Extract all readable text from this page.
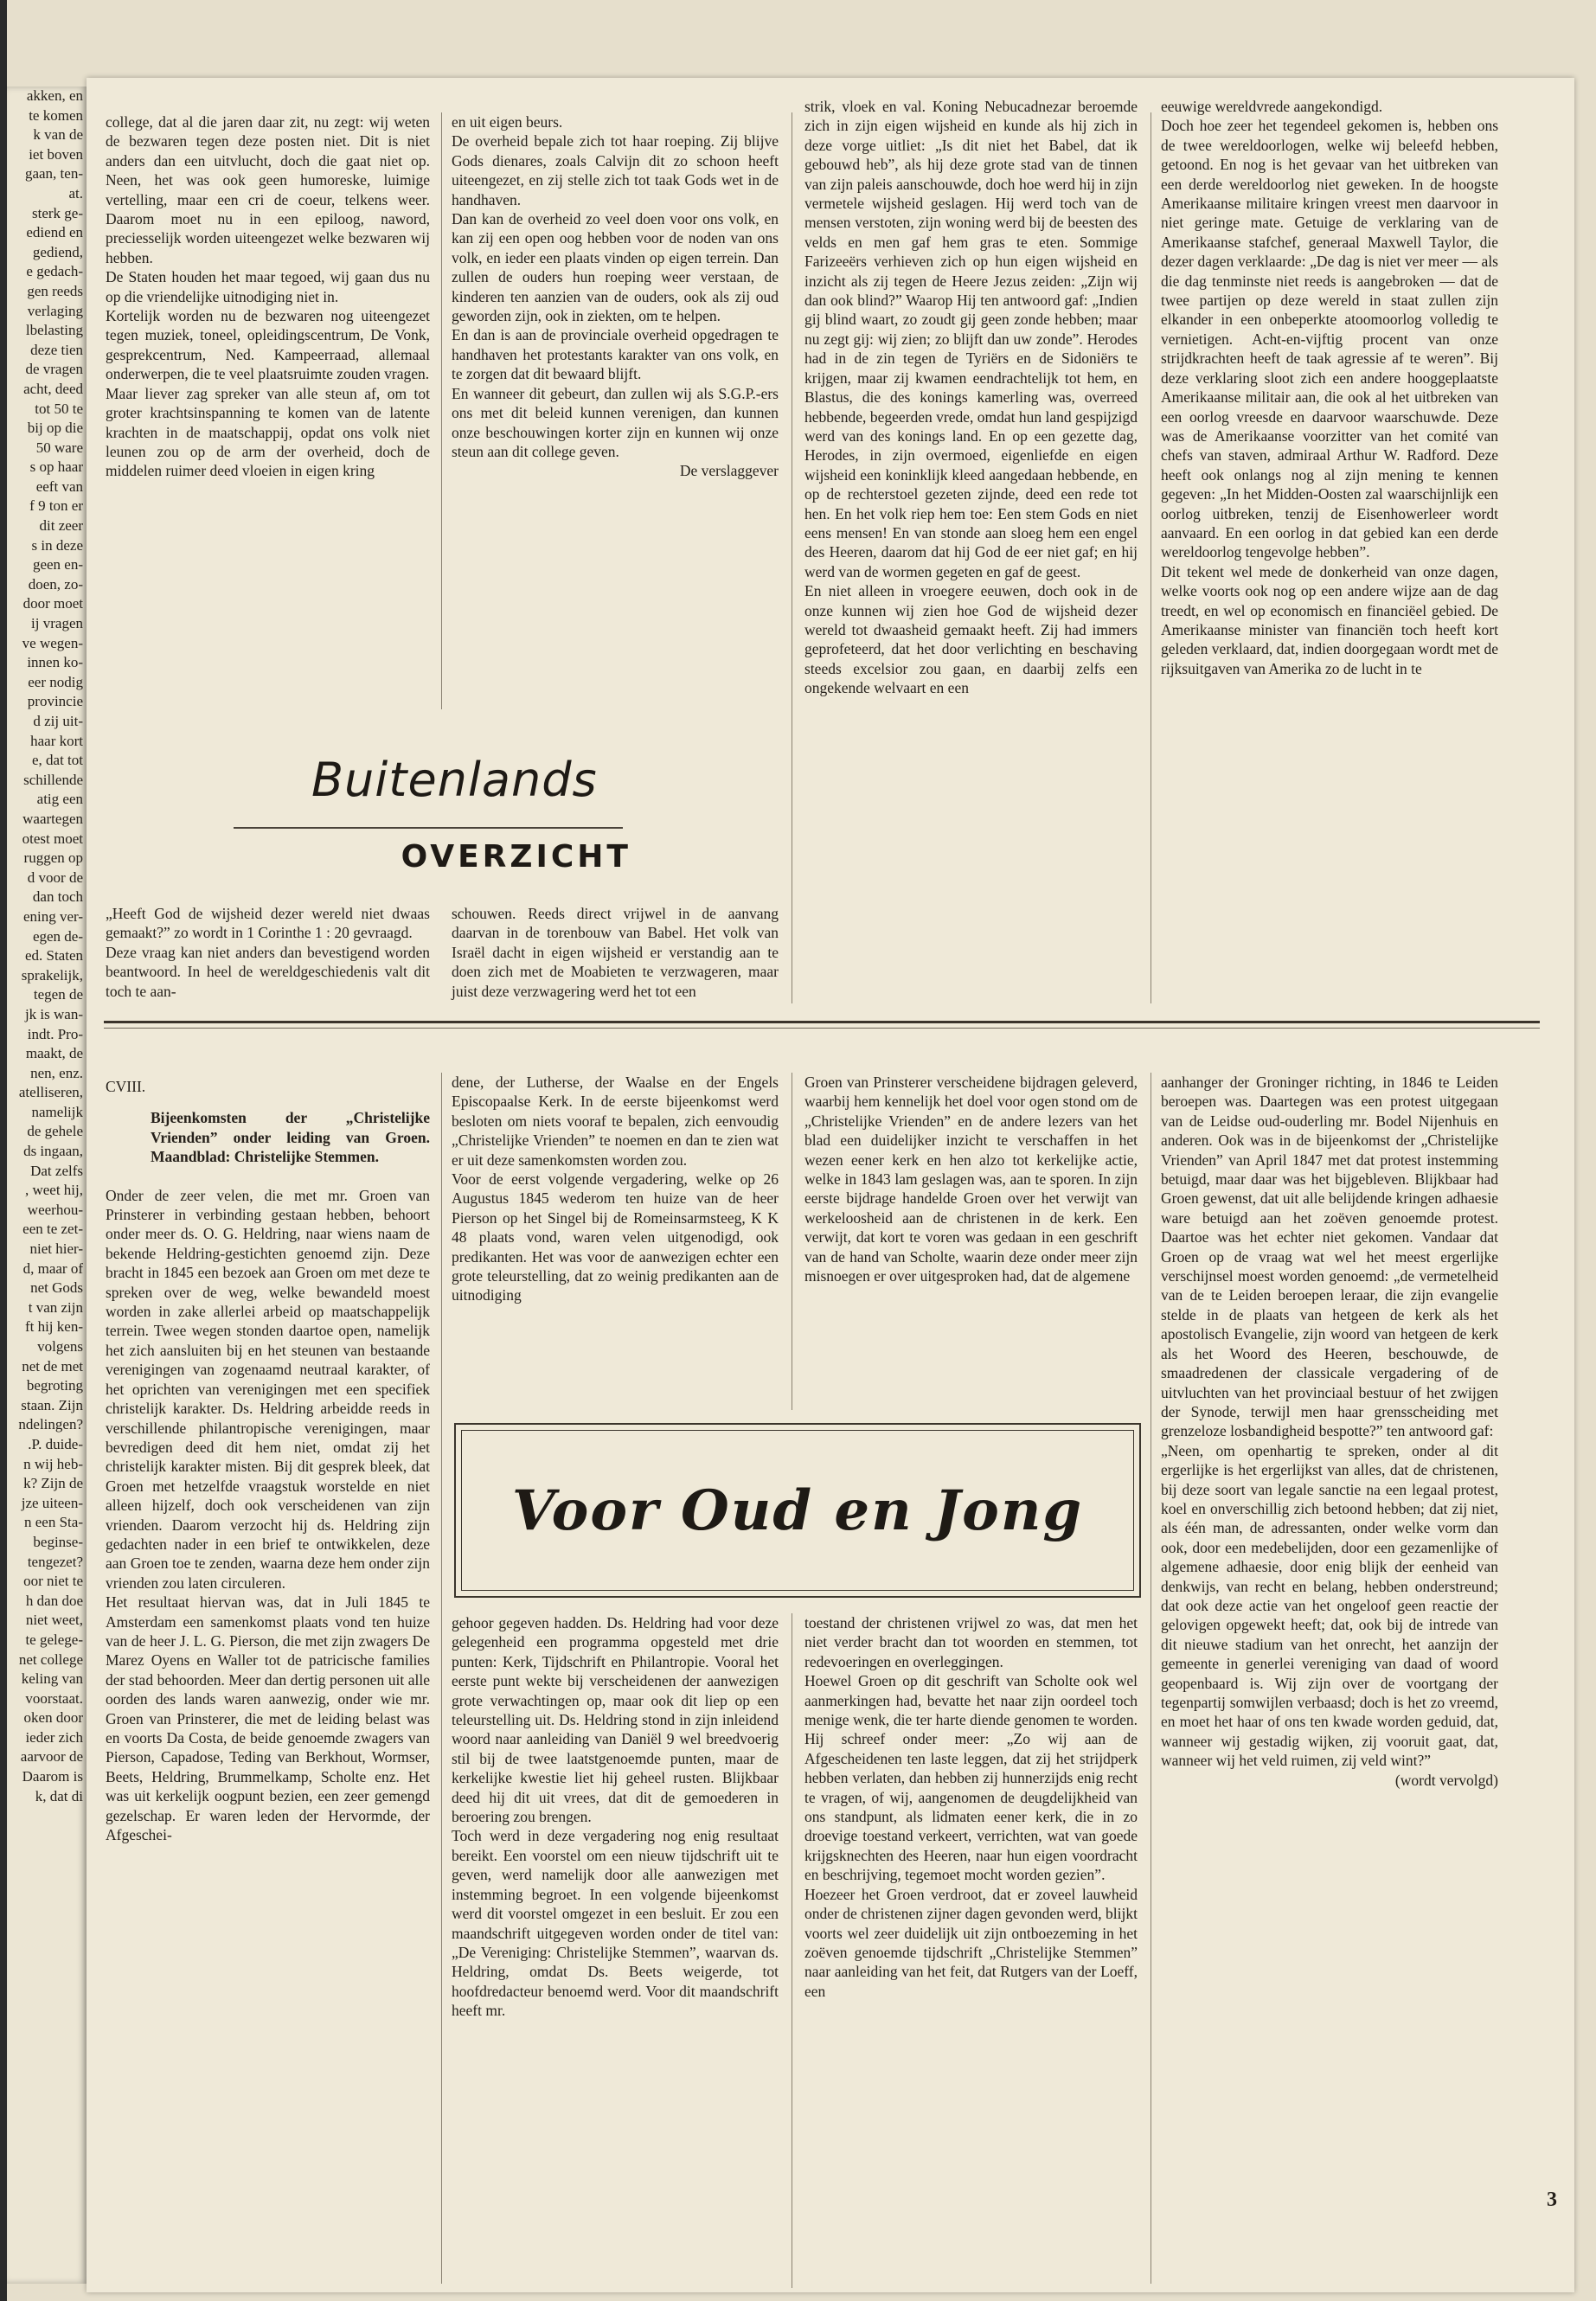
akken, en
te komen
k van de
iet boven
gaan, ten-
at.
sterk ge-
ediend en
gediend,
e gedach-
gen reeds
verlaging
lbelasting
deze tien
de vragen
acht, deed
tot 50 te
bij op die
50 ware
s op haar
eeft van
f 9 ton er
dit zeer
s in deze
geen en-
doen, zo-
door moet
ij vragen
ve wegen-
innen ko-
eer nodig
provincie
d zij uit-
haar kort
e, dat tot
schillende
atig een
waartegen
otest moet
ruggen op
d voor de
dan toch
ening ver-
egen de-
ed. Staten
sprakelijk,
tegen de
jk is wan-
indt. Pro-
maakt, de
nen, enz.
atelliseren,
namelijk
de gehele
ds ingaan,
Dat zelfs
, weet hij,
weerhou-
een te zet-
niet hier-
d, maar of
net Gods
t van zijn
ft hij ken-
volgens
net de met
begroting
staan. Zijn
ndelingen?
.P. duide-
n wij heb-
k? Zijn de
jze uiteen-
n een Sta-
beginse-
tengezet?
oor niet te
h dan doe
niet weet,
te gelege-
net college
keling van
voorstaat.
oken door
ieder zich
aarvoor de
Daarom is
k, dat di

college, dat al die jaren daar zit, nu zegt: wij weten de bezwaren tegen deze posten niet. Dit is niet anders dan een uitvlucht, doch die gaat niet op. Neen, het was ook geen humoreske, luimige vertelling, maar een cri de coeur, telkens weer. Daarom moet nu in een epiloog, naword, preciesselijk worden uiteengezet welke bezwaren wij hebben.

De Staten houden het maar tegoed, wij gaan dus nu op die vriendelijke uitnodiging niet in.

Kortelijk worden nu de bezwaren nog uiteengezet tegen muziek, toneel, opleidingscentrum, De Vonk, gesprekcentrum, Ned. Kampeerraad, allemaal onderwerpen, die te veel plaatsruimte zouden vragen.

Maar liever zag spreker van alle steun af, om tot groter krachtsinspanning te komen van de latente krachten in de maatschappij, opdat ons volk niet leunen zou op de arm der overheid, doch de middelen ruimer deed vloeien in eigen kring

en uit eigen beurs.

De overheid bepale zich tot haar roeping. Zij blijve Gods dienares, zoals Calvijn dit zo schoon heeft uiteengezet, en zij stelle zich tot taak Gods wet in de handhaven.

Dan kan de overheid zo veel doen voor ons volk, en kan zij een open oog hebben voor de noden van ons volk, en ieder een plaats vinden op eigen terrein. Dan zullen de ouders hun roeping weer verstaan, de kinderen ten aanzien van de ouders, ook als zij oud geworden zijn, ook in ziekten, om te helpen.

En dan is aan de provinciale overheid opgedragen te handhaven het protestants karakter van ons volk, en te zorgen dat dit bewaard blijft.

En wanneer dit gebeurt, dan zullen wij als S.G.P.-ers ons met dit beleid kunnen verenigen, dan kunnen onze beschouwingen korter zijn en kunnen wij onze steun aan dit college geven.

De verslaggever

strik, vloek en val. Koning Nebucadnezar beroemde zich in zijn eigen wijsheid en kunde als hij zich in deze vorge uitliet: „Is dit niet het Babel, dat ik gebouwd heb”, als hij deze grote stad van de tinnen van zijn paleis aanschouwde, doch hoe werd hij in zijn vermetele wijsheid geslagen. Hij werd toch van de mensen verstoten, zijn woning werd bij de beesten des velds en men gaf hem gras te eten. Sommige Farizeeërs verhieven zich op hun eigen wijsheid en inzicht als zij tegen de Heere Jezus zeiden: „Zijn wij dan ook blind?” Waarop Hij ten antwoord gaf: „Indien gij blind waart, zo zoudt gij geen zonde hebben; maar nu zegt gij: wij zien; zo blijft dan uw zonde”. Herodes had in de zin tegen de Tyriërs en de Sidoniërs te krijgen, maar zij kwamen eendrachtelijk tot hem, en Blastus, die des konings kamerling was, overreed hebbende, begeerden vrede, omdat hun land gespijzigd werd van des konings land. En op een gezette dag, Herodes, in zijn overmoed, eigenliefde en eigen wijsheid een koninklijk kleed aangedaan hebbende, en op de rechterstoel gezeten zijnde, deed een rede tot hen. En het volk riep hem toe: Een stem Gods en niet eens mensen! En van stonde aan sloeg hem een engel des Heeren, daarom dat hij God de eer niet gaf; en hij werd van de wormen gegeten en gaf de geest.

En niet alleen in vroegere eeuwen, doch ook in de onze kunnen wij zien hoe God de wijsheid dezer wereld tot dwaasheid gemaakt heeft. Zij had immers geprofeteerd, dat het door verlichting en beschaving steeds excelsior zou gaan, en daarbij zelfs een ongekende welvaart en een

eeuwige wereldvrede aangekondigd.

Doch hoe zeer het tegendeel gekomen is, hebben ons de twee wereldoorlogen, welke wij beleefd hebben, getoond. En nog is het gevaar van het uitbreken van een derde wereldoorlog niet geweken. In de hoogste Amerikaanse militaire kringen vreest men daarvoor in niet geringe mate. Getuige de verklaring van de Amerikaanse stafchef, generaal Maxwell Taylor, die dezer dagen verklaarde: „De dag is niet ver meer — als die dag tenminste niet reeds is aangebroken — dat de twee partijen op deze wereld in staat zullen zijn elkander in een onbeperkte atoomoorlog volledig te vernietigen. Acht-en-vijftig procent van onze strijdkrachten heeft de taak agressie af te weren”. Bij deze verklaring sloot zich een andere hooggeplaatste Amerikaanse militair aan, die ook al het uitbreken van een oorlog vreesde en daarvoor waarschuwde. Deze was de Amerikaanse voorzitter van het comité van chefs van staven, admiraal Arthur W. Radford. Deze heeft ook onlangs nog al zijn mening te kennen gegeven: „In het Midden-Oosten zal waarschijnlijk een oorlog uitbreken, tenzij de Eisenhowerleer wordt aanvaard. En een oorlog in dat gebied kan een derde wereldoorlog tengevolge hebben”.

Dit tekent wel mede de donkerheid van onze dagen, welke voorts ook nog op een andere wijze aan de dag treedt, en wel op economisch en financiëel gebied. De Amerikaanse minister van financiën toch heeft kort geleden verklaard, dat, indien doorgegaan wordt met de rijksuitgaven van Amerika zo de lucht in te

Buitenlands
OVERZICHT

„Heeft God de wijsheid dezer wereld niet dwaas gemaakt?” zo wordt in 1 Corinthe 1 : 20 gevraagd.

Deze vraag kan niet anders dan bevestigend worden beantwoord. In heel de wereldgeschiedenis valt dit toch te aan-

schouwen. Reeds direct vrijwel in de aanvang daarvan in de torenbouw van Babel. Het volk van Israël dacht in eigen wijsheid er verstandig aan te doen zich met de Moabieten te verzwageren, maar juist deze verzwagering werd het tot een

CVIII.

Bijeenkomsten der „Christelijke Vrienden” onder leiding van Groen. Maandblad: Christelijke Stemmen.

Onder de zeer velen, die met mr. Groen van Prinsterer in verbinding gestaan hebben, behoort onder meer ds. O. G. Heldring, naar wiens naam de bekende Heldring-gestichten genoemd zijn. Deze bracht in 1845 een bezoek aan Groen om met deze te spreken over de weg, welke bewandeld moest worden in zake allerlei arbeid op maatschappelijk terrein. Twee wegen stonden daartoe open, namelijk het zich aansluiten bij en het steunen van bestaande verenigingen van zogenaamd neutraal karakter, of het oprichten van verenigingen met een specifiek christelijk karakter. Ds. Heldring arbeidde reeds in verschillende philantropische verenigingen, maar bevredigen deed dit hem niet, omdat zij het christelijk karakter misten. Bij dit gesprek bleek, dat Groen met hetzelfde vraagstuk worstelde en niet alleen hijzelf, doch ook verscheidenen van zijn vrienden. Daarom verzocht hij ds. Heldring zijn gedachten nader in een brief te ontwikkelen, deze aan Groen toe te zenden, waarna deze hem onder zijn vrienden zou laten circuleren.

Het resultaat hiervan was, dat in Juli 1845 te Amsterdam een samenkomst plaats vond ten huize van de heer J. L. G. Pierson, die met zijn zwagers De Marez Oyens en Waller tot de patricische families der stad behoorden. Meer dan dertig personen uit alle oorden des lands waren aanwezig, onder wie mr. Groen van Prinsterer, die met de leiding belast was en voorts Da Costa, de beide genoemde zwagers van Pierson, Capadose, Teding van Berkhout, Wormser, Beets, Heldring, Brummelkamp, Scholte enz. Het was uit kerkelijk oogpunt bezien, een zeer gemengd gezelschap. Er waren leden der Hervormde, der Afgeschei-

dene, der Lutherse, der Waalse en der Engels Episcopaalse Kerk. In de eerste bijeenkomst werd besloten om niets vooraf te bepalen, zich eenvoudig „Christelijke Vrienden” te noemen en dan te zien wat er uit deze samenkomsten worden zou.

Voor de eerst volgende vergadering, welke op 26 Augustus 1845 wederom ten huize van de heer Pierson op het Singel bij de Romeinsarmsteeg, K K 48 plaats vond, waren velen uitgenodigd, ook predikanten. Het was voor de aanwezigen echter een grote teleurstelling, dat zo weinig predikanten aan de uitnodiging

Groen van Prinsterer verscheidene bijdragen geleverd, waarbij hem kennelijk het doel voor ogen stond om de „Christelijke Vrienden” en de andere lezers van het blad een duidelijker inzicht te verschaffen in het wezen eener kerk en hen alzo tot kerkelijke actie, welke in 1843 lam geslagen was, aan te sporen. In zijn eerste bijdrage handelde Groen over het verwijt van werkeloosheid aan de christenen in de kerk. Een verwijt, dat kort te voren was gedaan in een geschrift van de hand van Scholte, waarin deze onder meer zijn misnoegen er over uitgesproken had, dat de algemene

Voor Oud en Jong

gehoor gegeven hadden. Ds. Heldring had voor deze gelegenheid een programma opgesteld met drie punten: Kerk, Tijdschrift en Philantropie. Vooral het eerste punt wekte bij verscheidenen der aanwezigen grote verwachtingen op, maar ook dit liep op een teleurstelling uit. Ds. Heldring stond in zijn inleidend woord naar aanleiding van Daniël 9 wel breedvoerig stil bij de twee laatstgenoemde punten, maar de kerkelijke kwestie liet hij geheel rusten. Blijkbaar deed hij dit uit vrees, dat dit de gemoederen in beroering zou brengen.

Toch werd in deze vergadering nog enig resultaat bereikt. Een voorstel om een nieuw tijdschrift uit te geven, werd namelijk door alle aanwezigen met instemming begroet. In een volgende bijeenkomst werd dit voorstel omgezet in een besluit. Er zou een maandschrift uitgegeven worden onder de titel van: „De Vereniging: Christelijke Stemmen”, waarvan ds. Heldring, omdat Ds. Beets weigerde, tot hoofdredacteur benoemd werd. Voor dit maandschrift heeft mr.

toestand der christenen vrijwel zo was, dat men het niet verder bracht dan tot woorden en stemmen, tot redevoeringen en overleggingen.

Hoewel Groen op dit geschrift van Scholte ook wel aanmerkingen had, bevatte het naar zijn oordeel toch menige wenk, die ter harte diende genomen te worden. Hij schreef onder meer: „Zo wij aan de Afgescheidenen ten laste leggen, dat zij het strijdperk hebben verlaten, dan hebben zij hunnerzijds enig recht te vragen, of wij, aangenomen de deugdelijkheid van ons standpunt, als lidmaten eener kerk, die in zo droevige toestand verkeert, verrichten, wat van goede krijgsknechten des Heeren, naar hun eigen voordracht en beschrijving, tegemoet mocht worden gezien”.

Hoezeer het Groen verdroot, dat er zoveel lauwheid onder de christenen zijner dagen gevonden werd, blijkt voorts wel zeer duidelijk uit zijn ontboezeming in het zoëven genoemde tijdschrift „Christelijke Stemmen” naar aanleiding van het feit, dat Rutgers van der Loeff, een

aanhanger der Groninger richting, in 1846 te Leiden beroepen was. Daartegen was een protest uitgegaan van de Leidse oud-ouderling mr. Bodel Nijenhuis en anderen. Ook was in de bijeenkomst der „Christelijke Vrienden” van April 1847 met dat protest instemming betuigd, maar daar was het bijgebleven. Blijkbaar had Groen gewenst, dat uit alle belijdende kringen adhaesie ware betuigd aan het zoëven genoemde protest. Daartoe was het echter niet gekomen. Vandaar dat Groen op de vraag wat wel het meest ergerlijke verschijnsel moest worden genoemd: „de vermetelheid van de te Leiden beroepen leraar, die zijn evangelie stelde in de plaats van hetgeen de kerk als het apostolisch Evangelie, zijn woord van hetgeen de kerk als het Woord des Heeren, beschouwde, de smaadredenen der classicale vergadering of de uitvluchten van het provinciaal bestuur of het zwijgen der Synode, terwijl men haar grensscheiding met grenzeloze losbandigheid bespotte?” ten antwoord gaf:

„Neen, om openhartig te spreken, onder al dit ergerlijke is het ergerlijkst van alles, dat de christenen, bij deze soort van legale sanctie na een legaal protest, koel en onverschillig zich betoond hebben; dat zij niet, als één man, de adressanten, onder welke vorm dan ook, door een medebelijden, door een gezamenlijke of algemene adhaesie, door enig blijk der eenheid van denkwijs, van recht en belang, hebben onderstreund; dat ook deze actie van het ongeloof geen reactie der gelovigen opgewekt heeft; dat, ook bij de intrede van dit nieuwe stadium van het onrecht, het aanzijn der gemeente in generlei vereniging van daad of woord geopenbaard is. Wij zijn over de voortgang der tegenpartij somwijlen verbaasd; doch is het zo vreemd, en moet het haar of ons ten kwade worden geduid, dat, wanneer wij gestadig wijken, zij vooruit gaat, dat, wanneer wij het veld ruimen, zij veld wint?”

(wordt vervolgd)

3
